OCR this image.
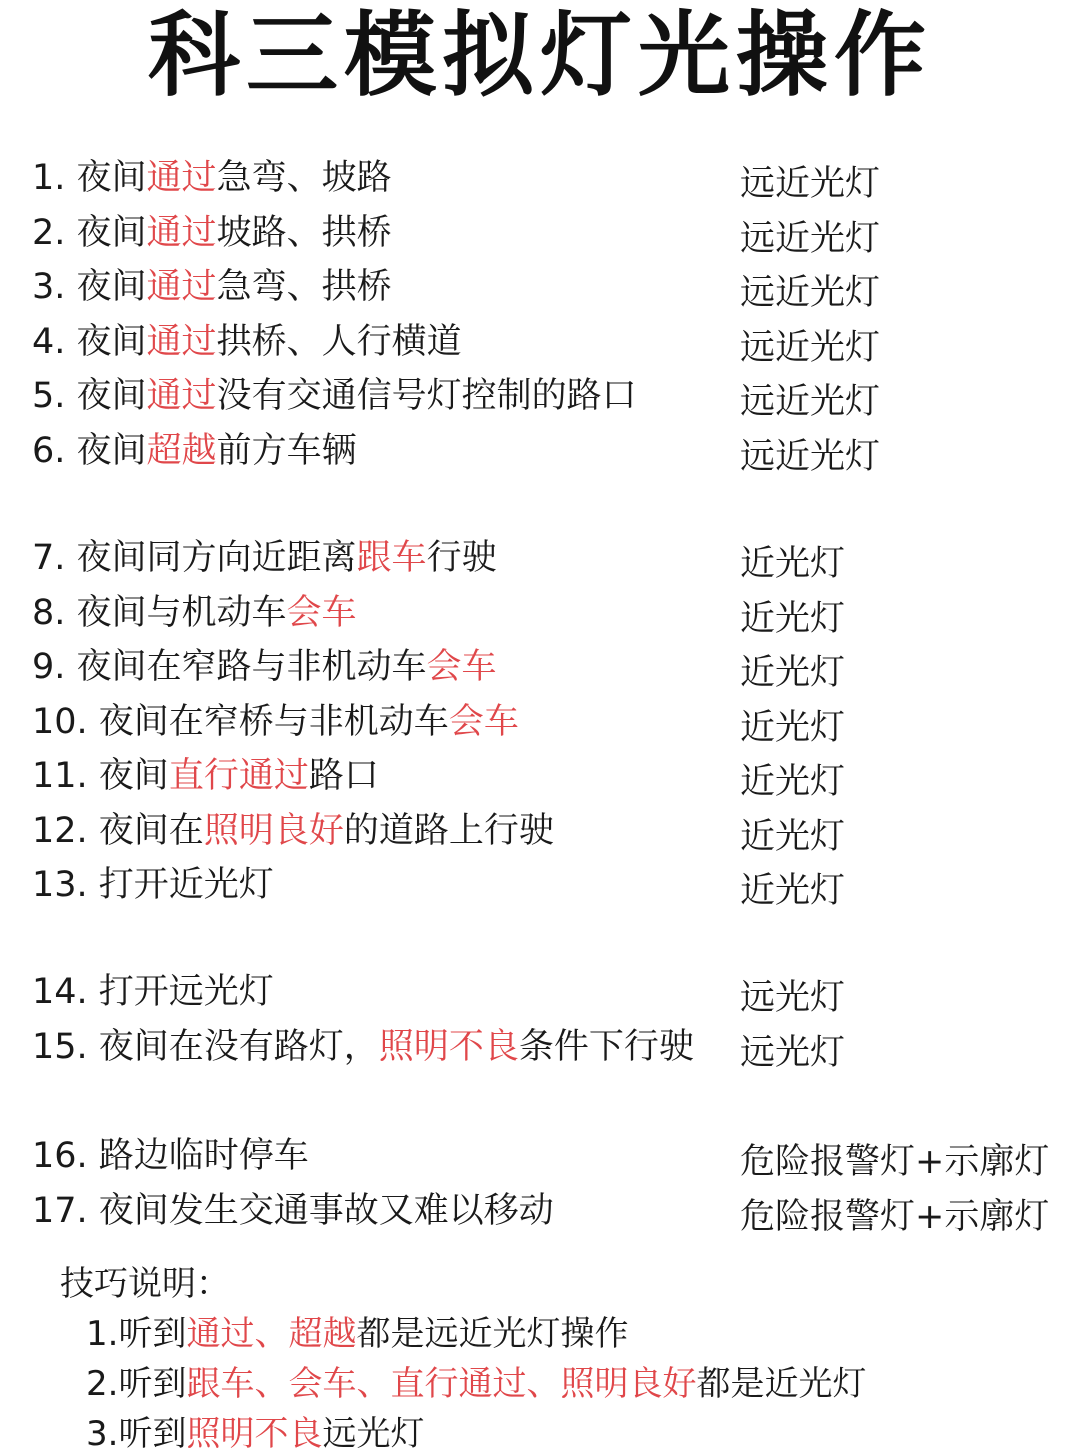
科三模拟灯光操作
1. 夜间通过急弯、坡路	远近光灯
2. 夜间通过坡路、拱桥	远近光灯
3. 夜间通过急弯、拱桥	远近光灯
4. 夜间通过拱桥、人行横道	远近光灯
5. 夜间通过没有交通信号灯控制的路口	远近光灯
6. 夜间超越前方车辆	远近光灯
7. 夜间同方向近距离跟车行驶	近光灯
8. 夜间与机动车会车	近光灯
9. 夜间在窄路与非机动车会车	近光灯
10. 夜间在窄桥与非机动车会车	近光灯
11. 夜间直行通过路口	近光灯
12. 夜间在照明良好的道路上行驶	近光灯
13. 打开近光灯	近光灯
14. 打开远光灯	远光灯
15. 夜间在没有路灯，照明不良条件下行驶 远光灯
16. 路边临时停车	危险报警灯+示廓灯
17. 夜间发生交通事故又难以移动	危险报警灯+示廓灯
技巧说明：
1.听到通过、超越都是远近光灯操作
2.听到跟车、会车、直行通过、照明良好都是近光灯
3.听到照明不良远光灯
